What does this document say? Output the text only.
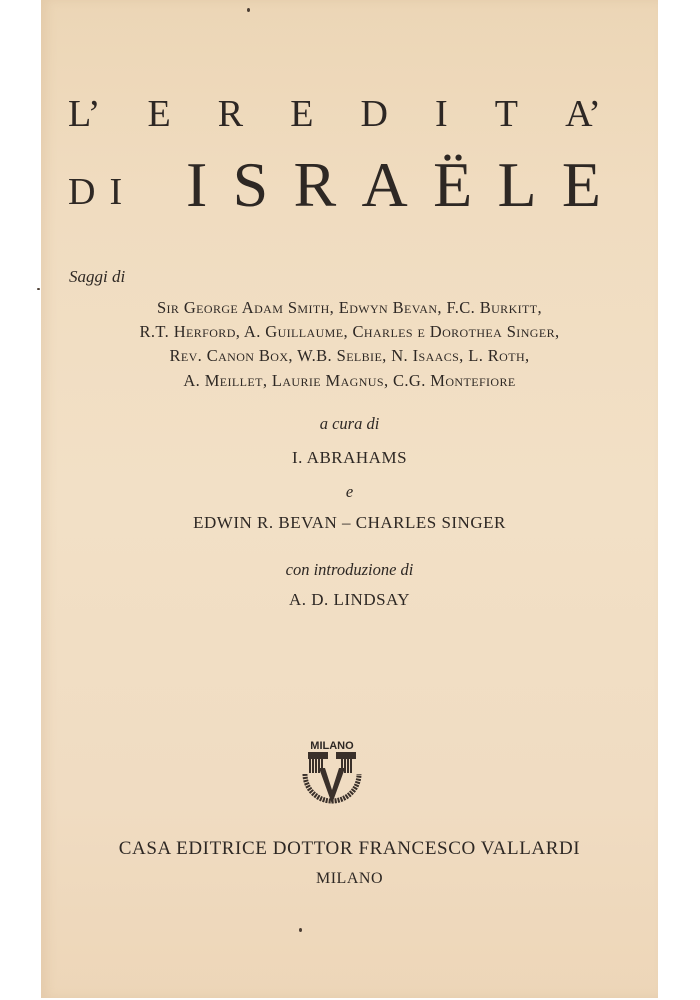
L’ E R E D I T A’
DI I S R A Ë L E
Saggi di
Sir George Adam Smith, Edwyn Bevan, F.C. Burkitt,
R.T. Herford, A. Guillaume, Charles e Dorothea Singer,
Rev. Canon Box, W.B. Selbie, N. Isaacs, L. Roth,
A. Meillet, Laurie Magnus, C.G. Montefiore
a cura di
I. ABRAHAMS
e
EDWIN R. BEVAN – CHARLES SINGER
con introduzione di
A. D. LINDSAY
MILANO
CASA EDITRICE DOTTOR FRANCESCO VALLARDI
MILANO
